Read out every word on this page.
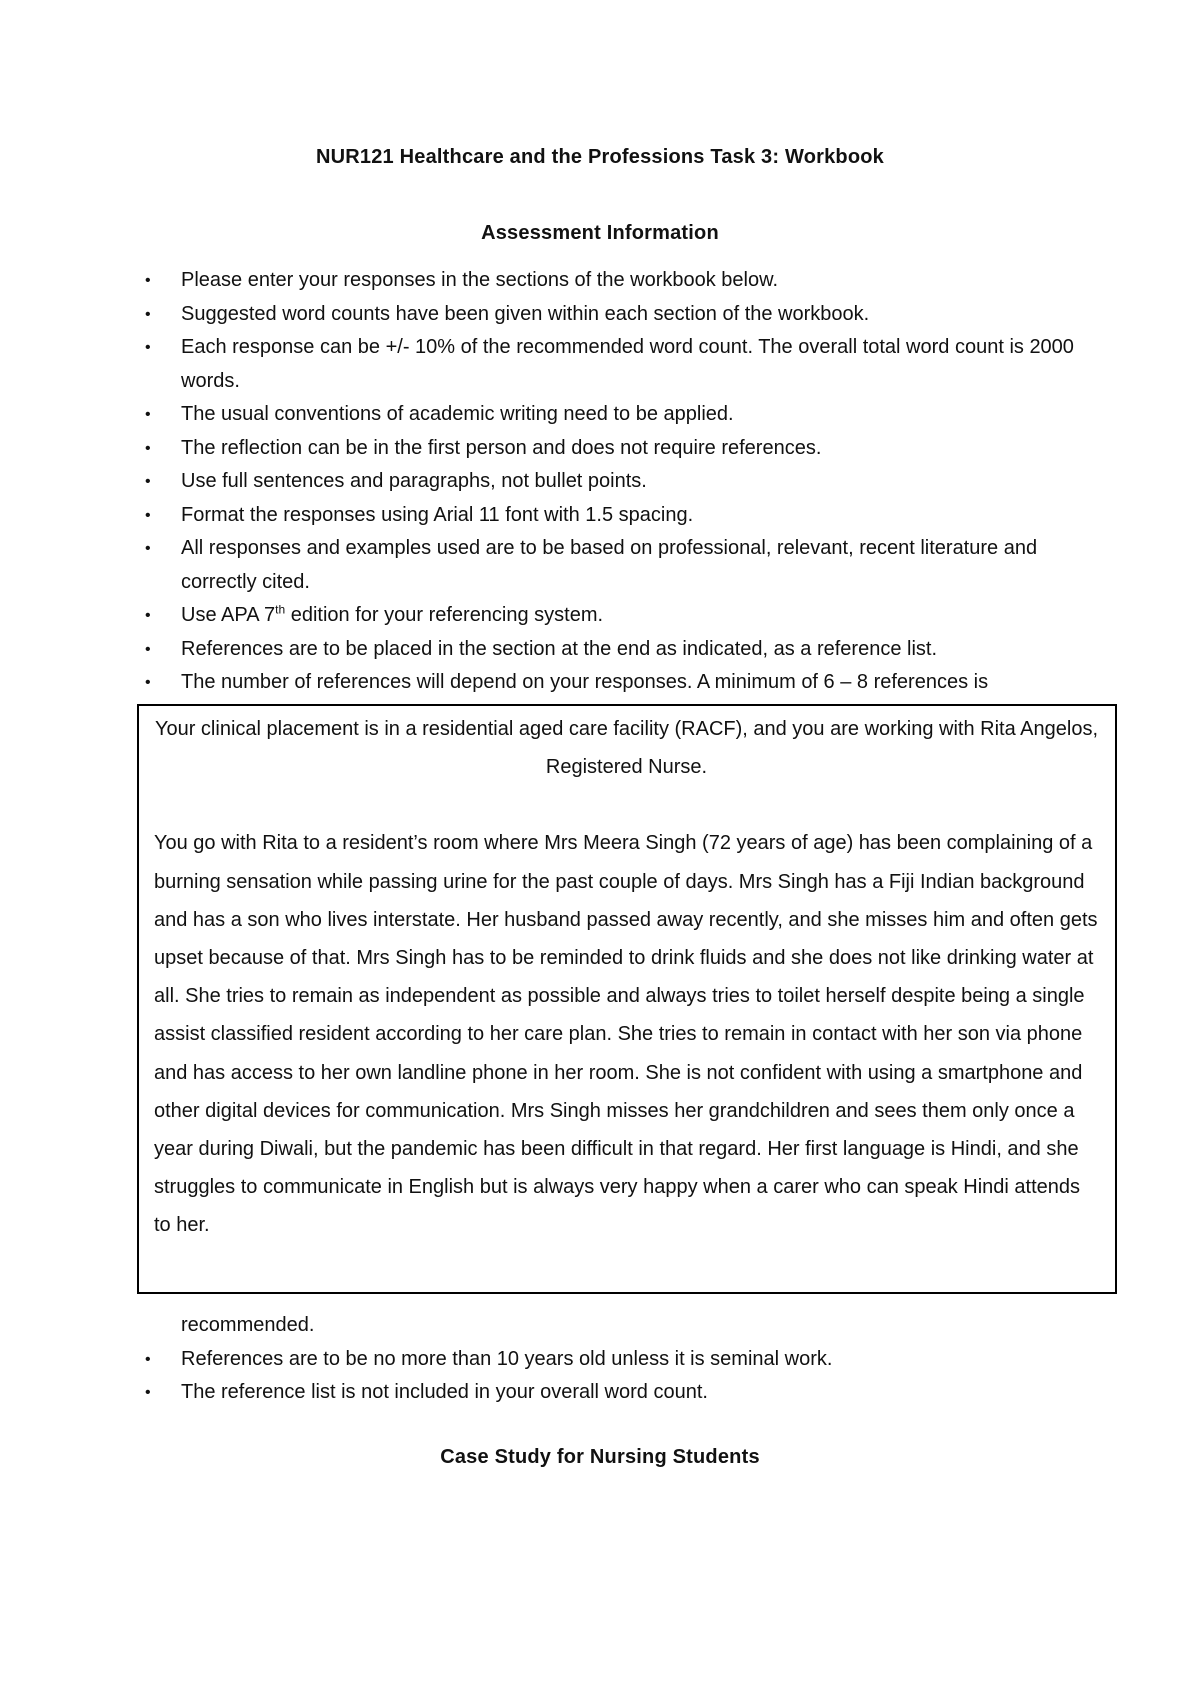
NUR121 Healthcare and the Professions Task 3: Workbook
Assessment Information
• Please enter your responses in the sections of the workbook below.
• Suggested word counts have been given within each section of the workbook.
• Each response can be +/- 10% of the recommended word count. The overall total word count is 2000 words.
• The usual conventions of academic writing need to be applied.
• The reflection can be in the first person and does not require references.
• Use full sentences and paragraphs, not bullet points.
• Format the responses using Arial 11 font with 1.5 spacing.
• All responses and examples used are to be based on professional, relevant, recent literature and correctly cited.
• Use APA 7th edition for your referencing system.
• References are to be placed in the section at the end as indicated, as a reference list.
• The number of references will depend on your responses. A minimum of 6 – 8 references is

Your clinical placement is in a residential aged care facility (RACF), and you are working with Rita Angelos, Registered Nurse.

You go with Rita to a resident’s room where Mrs Meera Singh (72 years of age) has been complaining of a burning sensation while passing urine for the past couple of days. Mrs Singh has a Fiji Indian background and has a son who lives interstate. Her husband passed away recently, and she misses him and often gets upset because of that. Mrs Singh has to be reminded to drink fluids and she does not like drinking water at all. She tries to remain as independent as possible and always tries to toilet herself despite being a single assist classified resident according to her care plan. She tries to remain in contact with her son via phone and has access to her own landline phone in her room. She is not confident with using a smartphone and other digital devices for communication. Mrs Singh misses her grandchildren and sees them only once a year during Diwali, but the pandemic has been difficult in that regard. Her first language is Hindi, and she struggles to communicate in English but is always very happy when a carer who can speak Hindi attends to her.

recommended.
• References are to be no more than 10 years old unless it is seminal work.
• The reference list is not included in your overall word count.
Case Study for Nursing Students
